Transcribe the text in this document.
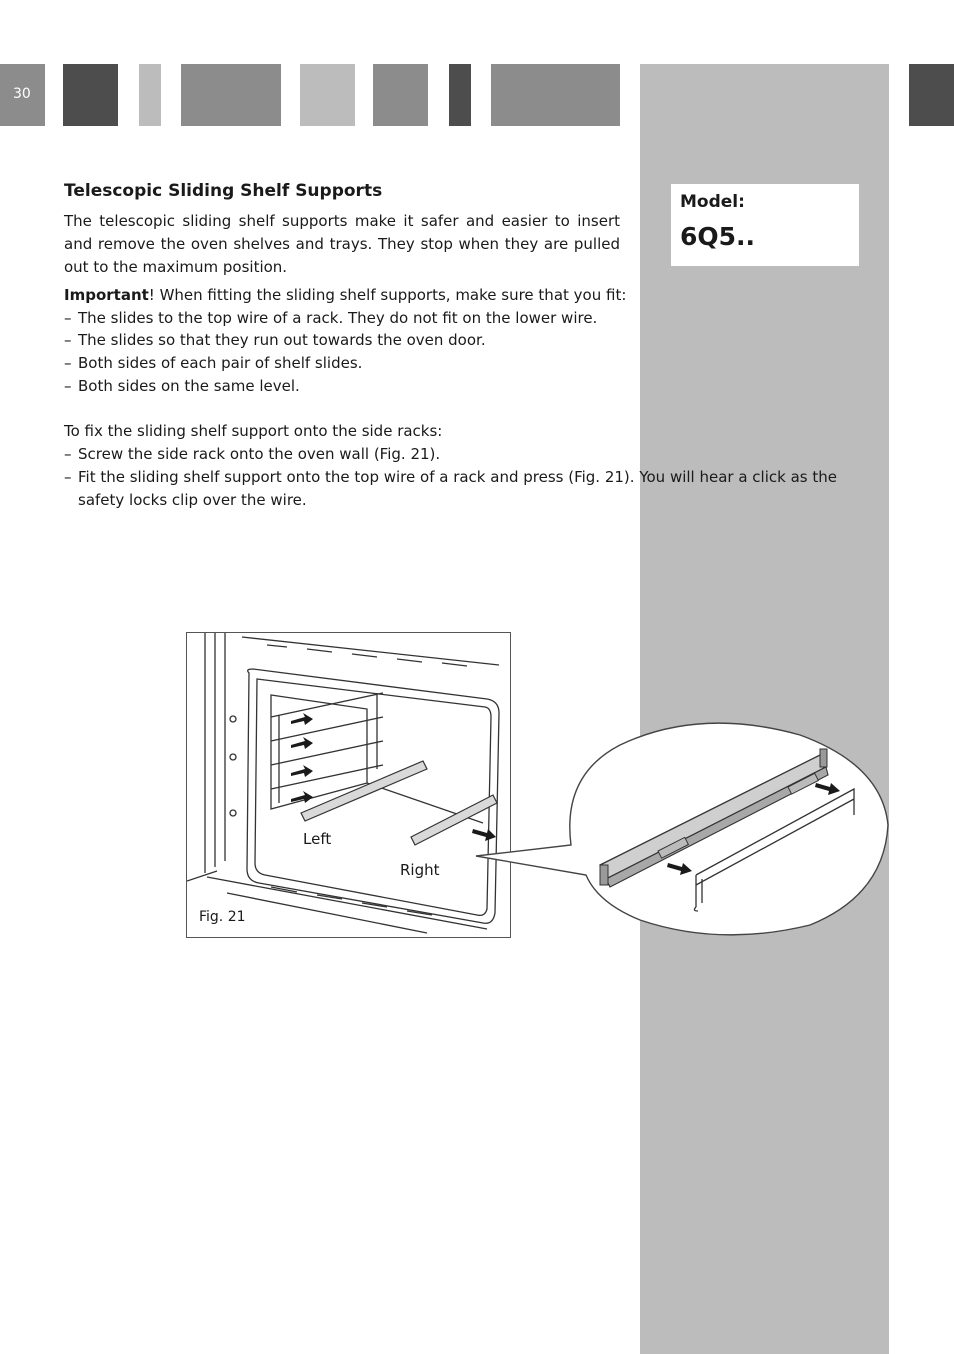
30
Model:
6Q5..
Telescopic Sliding Shelf Supports

The telescopic sliding shelf supports make it safer and easier to insert and remove the oven shelves and trays. They stop when they are pulled out to the maximum position.

Important! When fitting the sliding shelf supports, make sure that you fit:
– The slides to the top wire of a rack. They do not fit on the lower wire.
– The slides so that they run out towards the oven door.
– Both sides of each pair of shelf slides.
– Both sides on the same level.
To fix the sliding shelf support onto the side racks:
– Screw the side rack onto the oven wall (Fig. 21).
– Fit the sliding shelf support onto the top wire of a rack and press (Fig. 21). You will hear a click as the
safety locks clip over the wire.
Left
Right
Fig. 21
